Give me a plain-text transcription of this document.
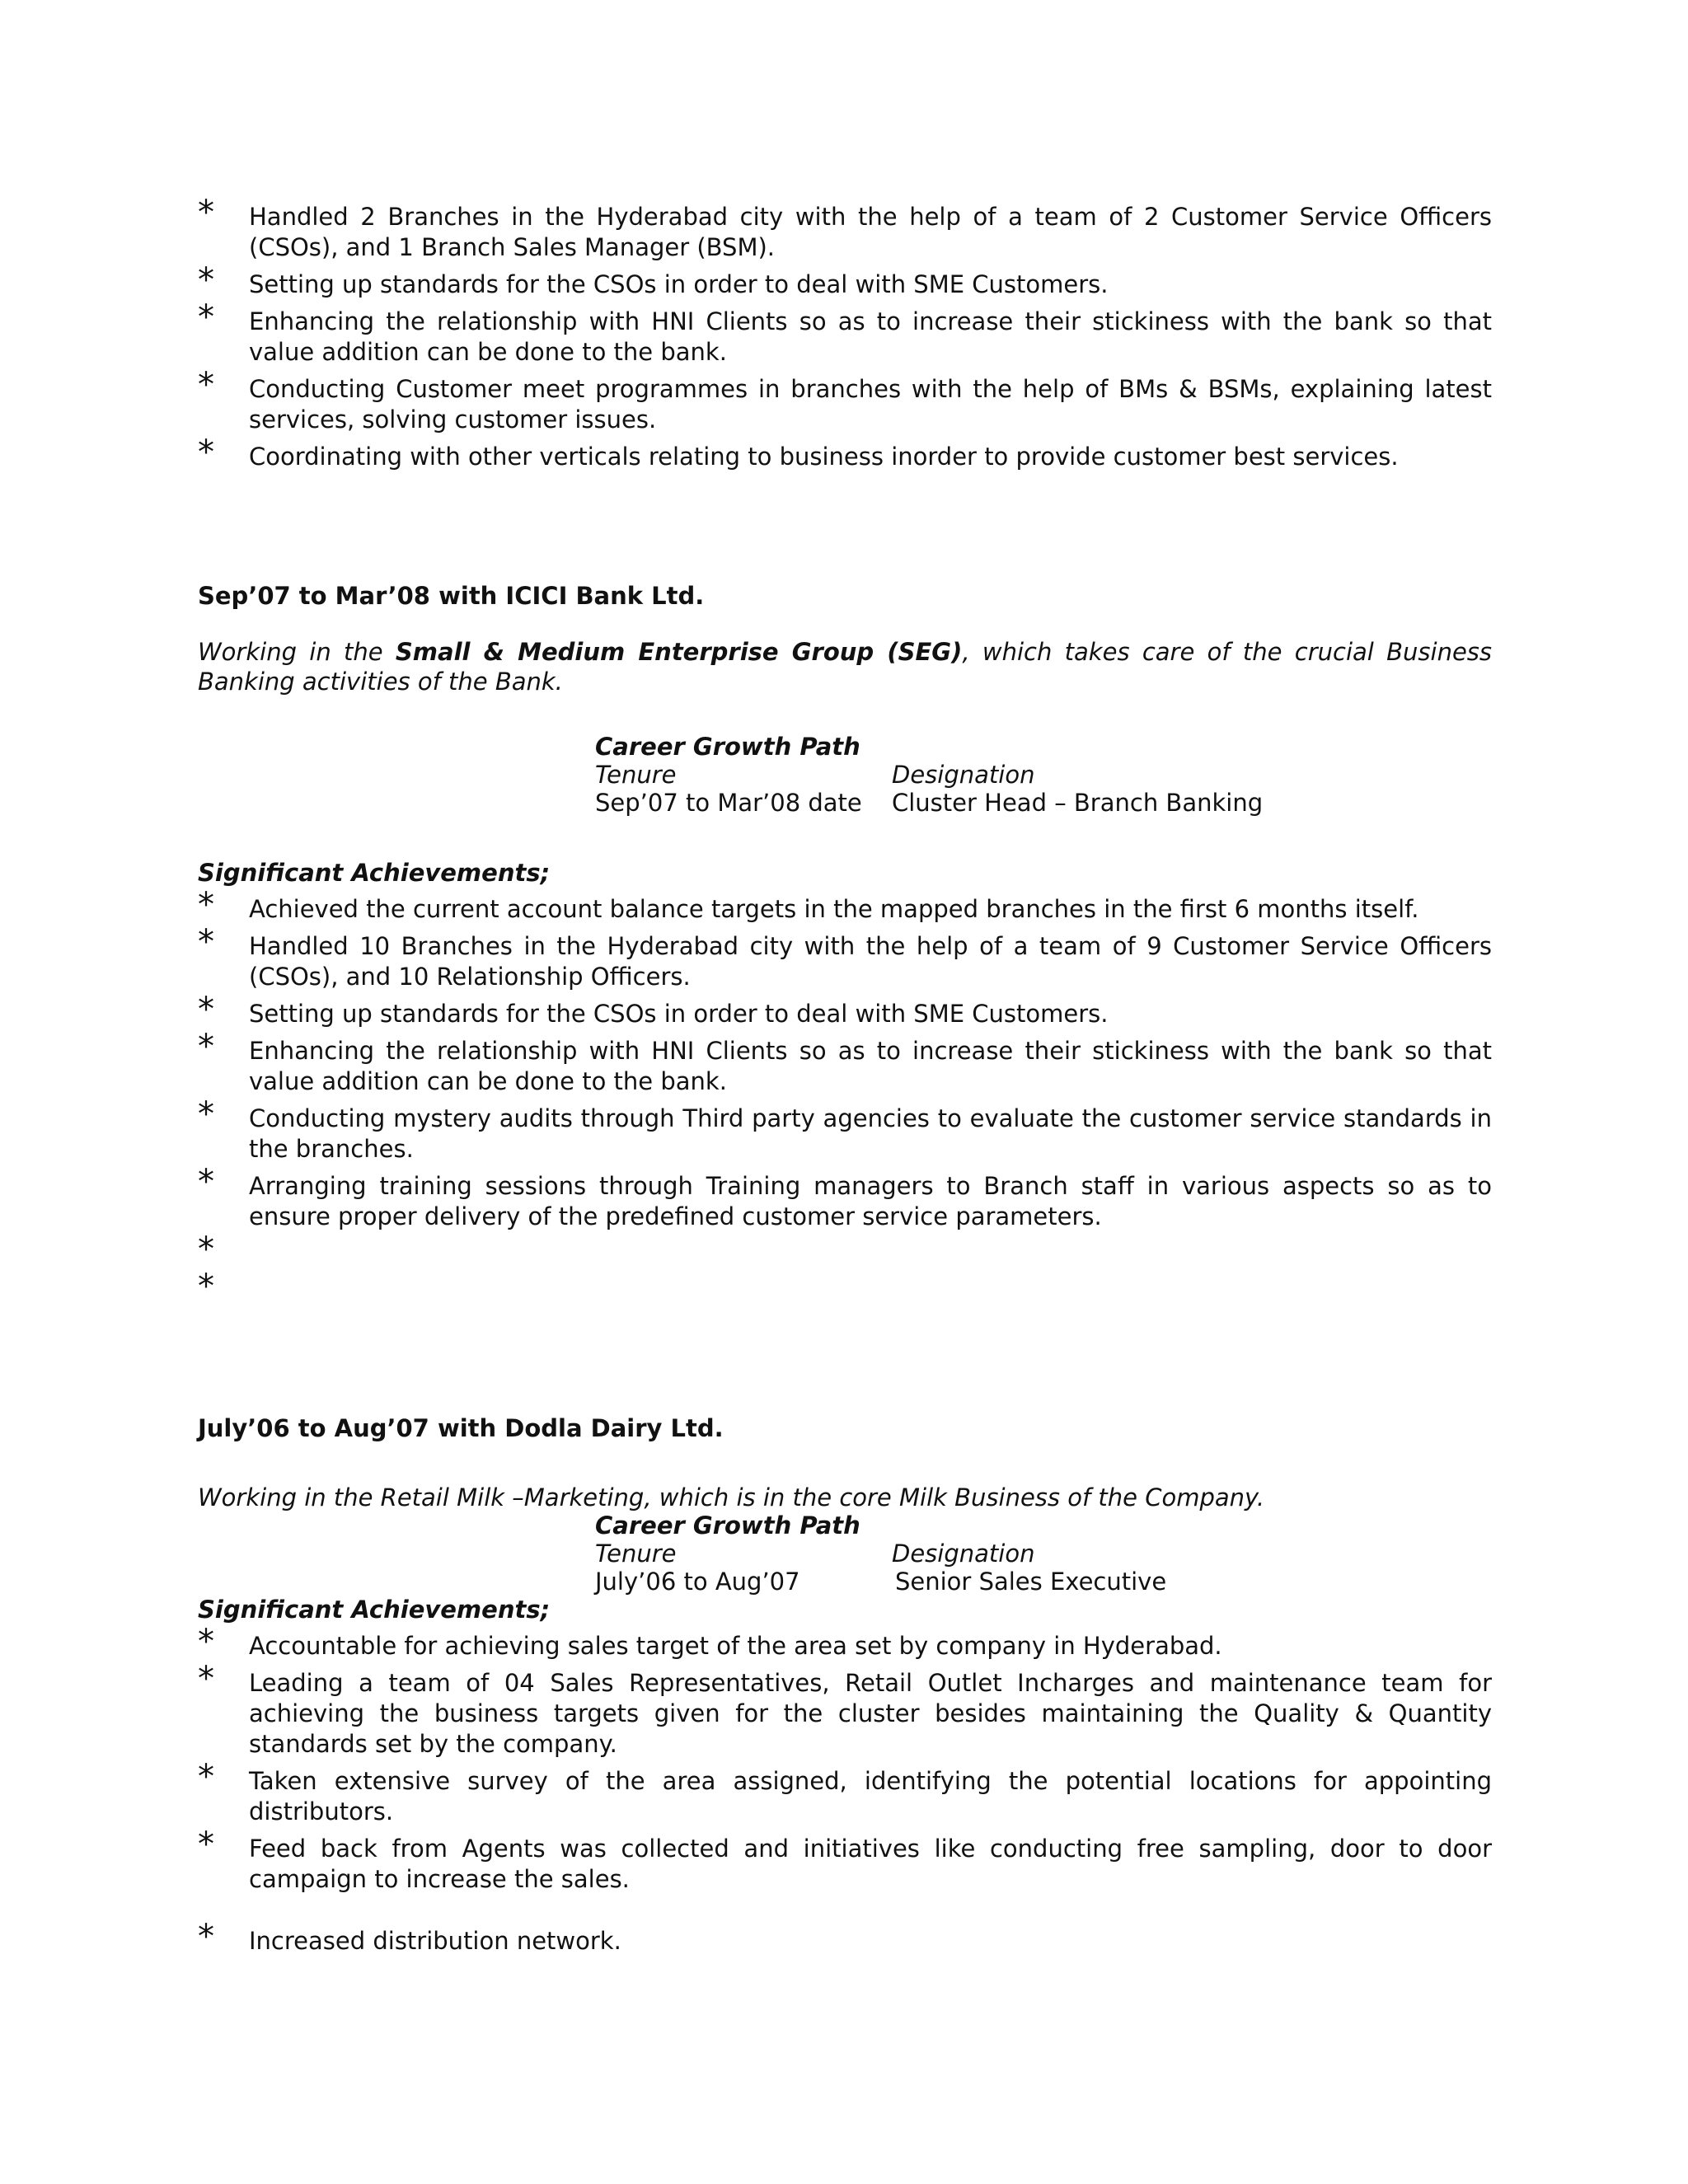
* Handled 2 Branches in the Hyderabad city with the help of a team of 2 Customer Service Officers (CSOs), and 1 Branch Sales Manager (BSM).
* Setting up standards for the CSOs in order to deal with SME Customers.
* Enhancing the relationship with HNI Clients so as to increase their stickiness with the bank so that value addition can be done to the bank.
* Conducting Customer meet programmes in branches with the help of BMs & BSMs, explaining latest services, solving customer issues.
* Coordinating with other verticals relating to business inorder to provide customer best services.
Sep’07 to Mar’08 with ICICI Bank Ltd.
Working in the Small & Medium Enterprise Group (SEG), which takes care of the crucial Business Banking activities of the Bank.
Career Growth Path
Tenure	Designation
Sep’07 to Mar’08 date	Cluster Head – Branch Banking
Significant Achievements;
* Achieved the current account balance targets in the mapped branches in the first 6 months itself.
* Handled 10 Branches in the Hyderabad city with the help of a team of 9 Customer Service Officers (CSOs), and 10 Relationship Officers.
* Setting up standards for the CSOs in order to deal with SME Customers.
* Enhancing the relationship with HNI Clients so as to increase their stickiness with the bank so that value addition can be done to the bank.
* Conducting mystery audits through Third party agencies to evaluate the customer service standards in the branches.
* Arranging training sessions through Training managers to Branch staff in various aspects so as to ensure proper delivery of the predefined customer service parameters.
*
*
July’06 to Aug’07 with Dodla Dairy Ltd.
Working in the Retail Milk –Marketing, which is in the core Milk Business of the Company.
Career Growth Path
Tenure	Designation
July’06 to Aug’07	Senior Sales Executive
Significant Achievements;
* Accountable for achieving sales target of the area set by company in Hyderabad.
* Leading a team of 04 Sales Representatives, Retail Outlet Incharges and maintenance team for achieving the business targets given for the cluster besides maintaining the Quality & Quantity standards set by the company.
* Taken extensive survey of the area assigned, identifying the potential locations for appointing distributors.
* Feed back from Agents was collected and initiatives like conducting free sampling, door to door campaign to increase the sales.
* Increased distribution network.
